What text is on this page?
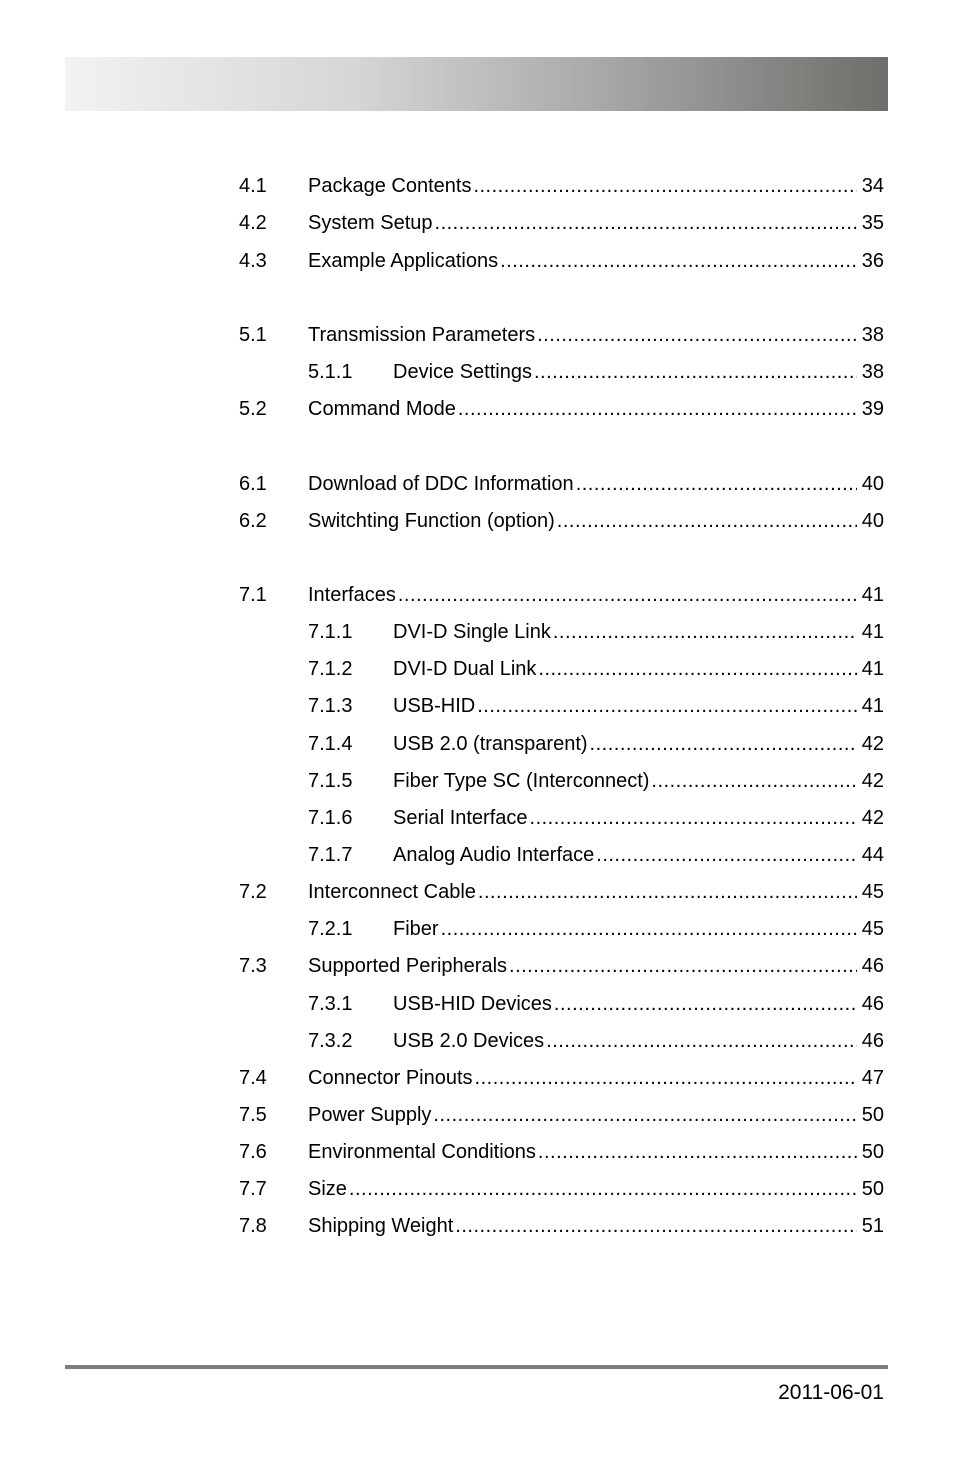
4.1 Package Contents .....	34
4.2 System Setup .....	35
4.3 Example Applications .....	36
5.1 Transmission Parameters .....	38
5.1.1 Device Settings .....	38
5.2 Command Mode .....	39
6.1 Download of DDC Information .....	40
6.2 Switchting Function (option) .....	40
7.1 Interfaces .....	41
7.1.1 DVI-D Single Link .....	41
7.1.2 DVI-D Dual Link .....	41
7.1.3 USB-HID .....	41
7.1.4 USB 2.0 (transparent) .....	42
7.1.5 Fiber Type SC (Interconnect) .....	42
7.1.6 Serial Interface .....	42
7.1.7 Analog Audio Interface .....	44
7.2 Interconnect Cable .....	45
7.2.1 Fiber .....	45
7.3 Supported Peripherals .....	46
7.3.1 USB-HID Devices .....	46
7.3.2 USB 2.0 Devices .....	46
7.4 Connector Pinouts .....	47
7.5 Power Supply .....	50
7.6 Environmental Conditions .....	50
7.7 Size .....	50
7.8 Shipping Weight .....	51
2011-06-01
